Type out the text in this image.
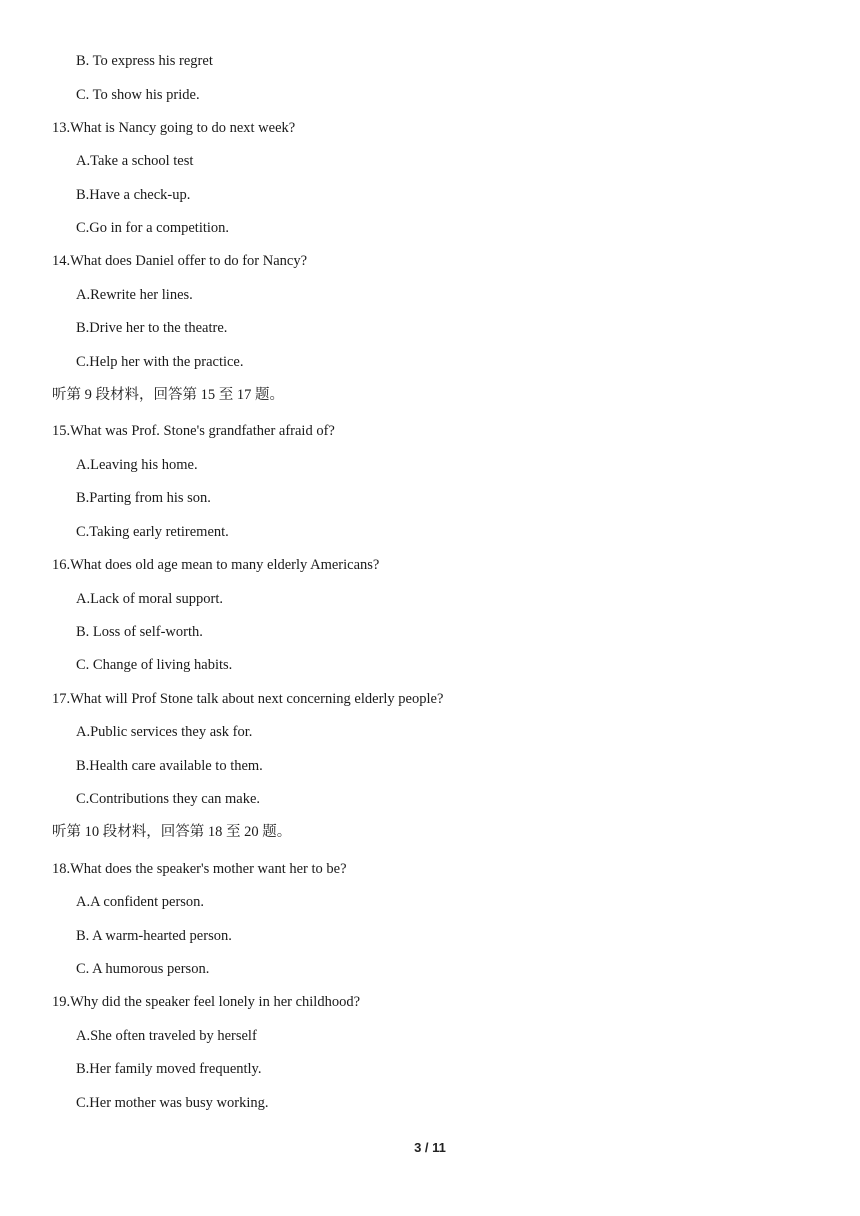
B. To express his regret
C. To show his pride.
13.What is Nancy going to do next week?
A.Take a school test
B.Have a check-up.
C.Go in for a competition.
14.What does Daniel offer to do for Nancy?
A.Rewrite her lines.
B.Drive her to the theatre.
C.Help her with the practice.
听第 9 段材料，回答第 15 至 17 题。
15.What was Prof. Stone's grandfather afraid of?
A.Leaving his home.
B.Parting from his son.
C.Taking early retirement.
16.What does old age mean to many elderly Americans?
A.Lack of moral support.
B. Loss of self-worth.
C. Change of living habits.
17.What will Prof Stone talk about next concerning elderly people?
A.Public services they ask for.
B.Health care available to them.
C.Contributions they can make.
听第 10 段材料，回答第 18 至 20 题。
18.What does the speaker's mother want her to be?
A.A confident person.
B. A warm-hearted person.
C. A humorous person.
19.Why did the speaker feel lonely in her childhood?
A.She often traveled by herself
B.Her family moved frequently.
C.Her mother was busy working.
3 / 11
